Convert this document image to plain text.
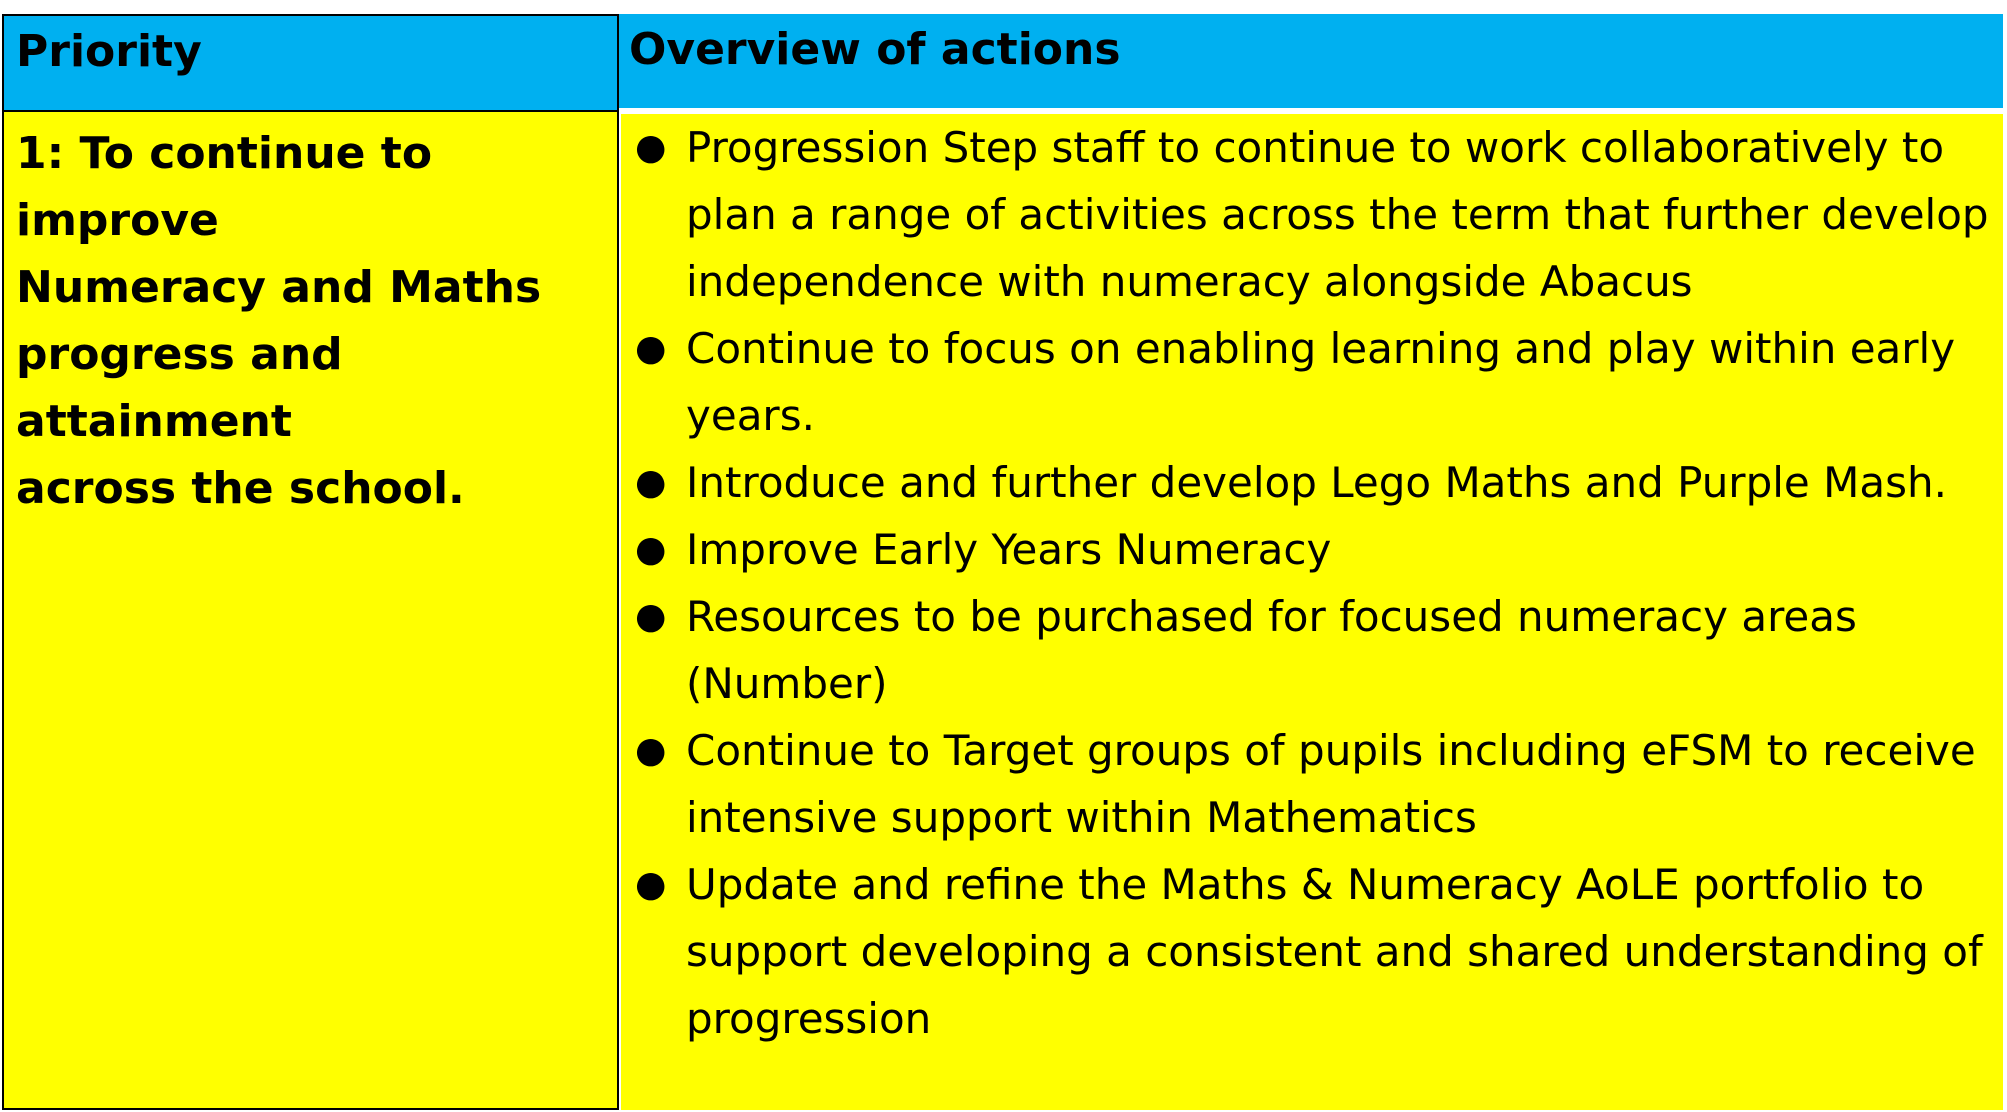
Priority	Overview of actions
1: To continue to improve
Numeracy and Maths
progress and attainment
across the school.
● Progression Step staff to continue to work collaboratively to
plan a range of activities across the term that further develop
independence with numeracy alongside Abacus
● Continue to focus on enabling learning and play within early
years.
● Introduce and further develop Lego Maths and Purple Mash.
● Improve Early Years Numeracy
● Resources to be purchased for focused numeracy areas
(Number)
● Continue to Target groups of pupils including eFSM to receive
intensive support within Mathematics
● Update and refine the Maths & Numeracy AoLE portfolio to
support developing a consistent and shared understanding of
progression
